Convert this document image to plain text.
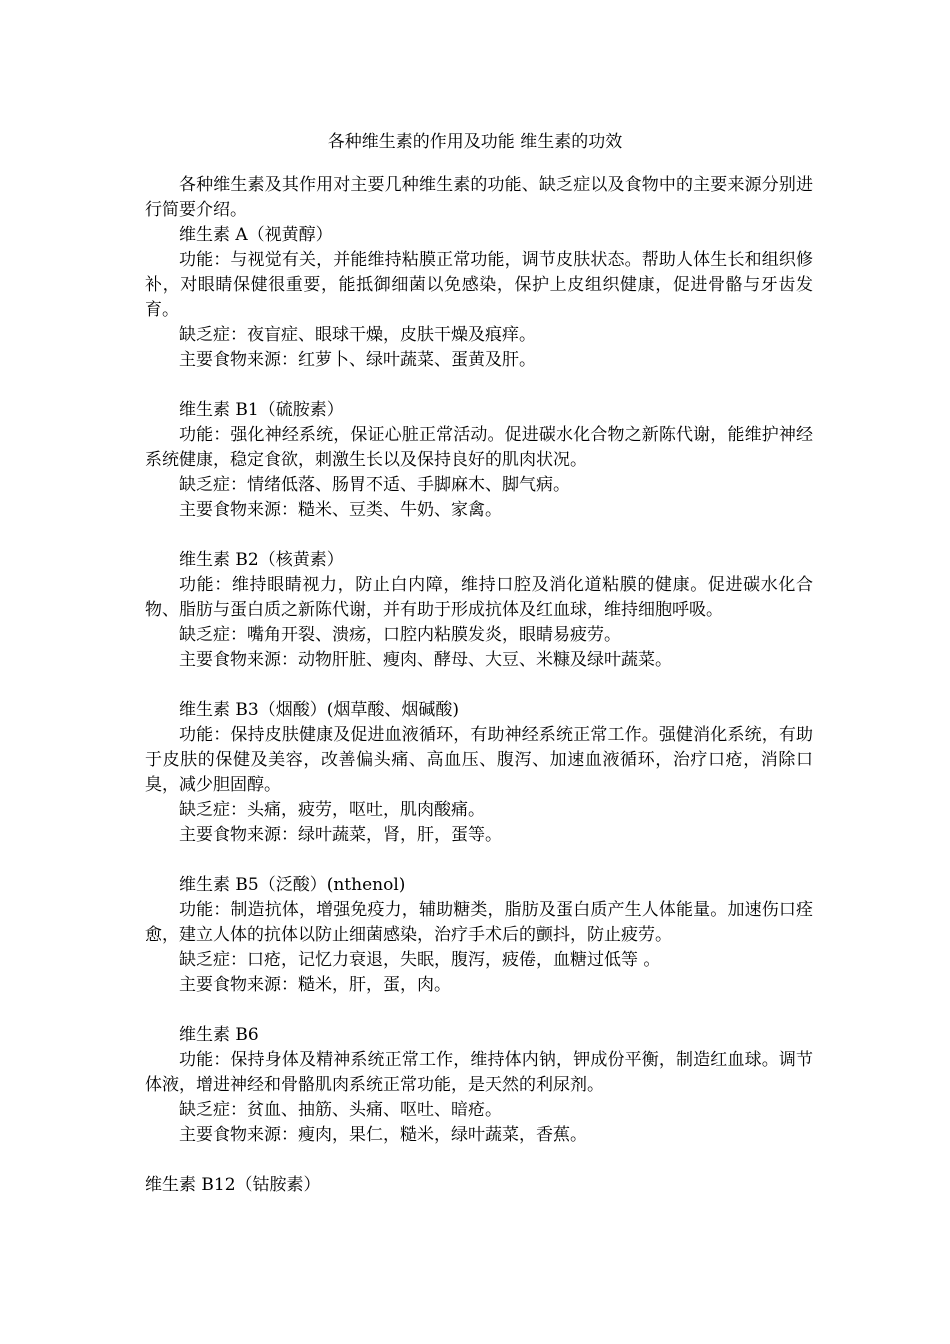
各种维生素的作用及功能 维生素的功效

各种维生素及其作用对主要几种维生素的功能、缺乏症以及食物中的主要来源分别进行简要介绍。

维生素 A（视黄醇）

功能：与视觉有关，并能维持粘膜正常功能，调节皮肤状态。帮助人体生长和组织修补，对眼睛保健很重要，能抵御细菌以免感染，保护上皮组织健康，促进骨骼与牙齿发育。

缺乏症：夜盲症、眼球干燥，皮肤干燥及痕痒。

主要食物来源：红萝卜、绿叶蔬菜、蛋黄及肝。

维生素 B1（硫胺素）

功能：强化神经系统，保证心脏正常活动。促进碳水化合物之新陈代谢，能维护神经系统健康，稳定食欲，刺激生长以及保持良好的肌肉状况。

缺乏症：情绪低落、肠胃不适、手脚麻木、脚气病。

主要食物来源：糙米、豆类、牛奶、家禽。

维生素 B2（核黄素）

功能：维持眼睛视力，防止白内障，维持口腔及消化道粘膜的健康。促进碳水化合物、脂肪与蛋白质之新陈代谢，并有助于形成抗体及红血球，维持细胞呼吸。

缺乏症：嘴角开裂、溃疡，口腔内粘膜发炎，眼睛易疲劳。

主要食物来源：动物肝脏、瘦肉、酵母、大豆、米糠及绿叶蔬菜。

维生素 B3（烟酸）(烟草酸、烟碱酸)

功能：保持皮肤健康及促进血液循环，有助神经系统正常工作。强健消化系统，有助于皮肤的保健及美容，改善偏头痛、高血压、腹泻、加速血液循环，治疗口疮，消除口臭，减少胆固醇。

缺乏症：头痛，疲劳，呕吐，肌肉酸痛。

主要食物来源：绿叶蔬菜，肾，肝，蛋等。

维生素 B5（泛酸）(nthenol)

功能：制造抗体，增强免疫力，辅助糖类，脂肪及蛋白质产生人体能量。加速伤口痊愈，建立人体的抗体以防止细菌感染，治疗手术后的颤抖，防止疲劳。

缺乏症：口疮，记忆力衰退，失眠，腹泻，疲倦，血糖过低等 。

主要食物来源：糙米，肝，蛋，肉。

维生素 B6

功能：保持身体及精神系统正常工作，维持体内钠，钾成份平衡，制造红血球。调节体液，增进神经和骨骼肌肉系统正常功能，是天然的利尿剂。

缺乏症：贫血、抽筋、头痛、呕吐、暗疮。

主要食物来源：瘦肉，果仁，糙米，绿叶蔬菜，香蕉。

维生素 B12（钴胺素）
